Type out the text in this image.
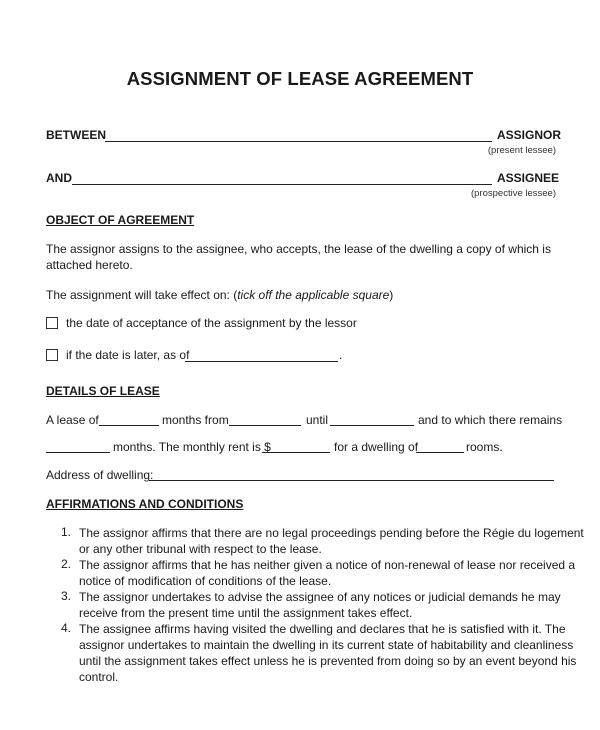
ASSIGNMENT OF LEASE AGREEMENT
BETWEEN	ASSIGNOR
(present lessee)
AND	ASSIGNEE
(prospective lessee)
OBJECT OF AGREEMENT
The assignor assigns to the assignee, who accepts, the lease of the dwelling a copy of which is
attached hereto.
The assignment will take effect on: (tick off the applicable square)
the date of acceptance of the assignment by the lessor
if the date is later, as of	.
DETAILS OF LEASE
A lease of	months from	until	and to which there remains
months. The monthly rent is $	for a dwelling of	rooms.
Address of dwelling:
AFFIRMATIONS AND CONDITIONS
1. The assignor affirms that there are no legal proceedings pending before the Régie du logement
or any other tribunal with respect to the lease.
2. The assignor affirms that he has neither given a notice of non-renewal of lease nor received a
notice of modification of conditions of the lease.
3. The assignor undertakes to advise the assignee of any notices or judicial demands he may
receive from the present time until the assignment takes effect.
4. The assignee affirms having visited the dwelling and declares that he is satisfied with it. The
assignor undertakes to maintain the dwelling in its current state of habitability and cleanliness
until the assignment takes effect unless he is prevented from doing so by an event beyond his
control.
